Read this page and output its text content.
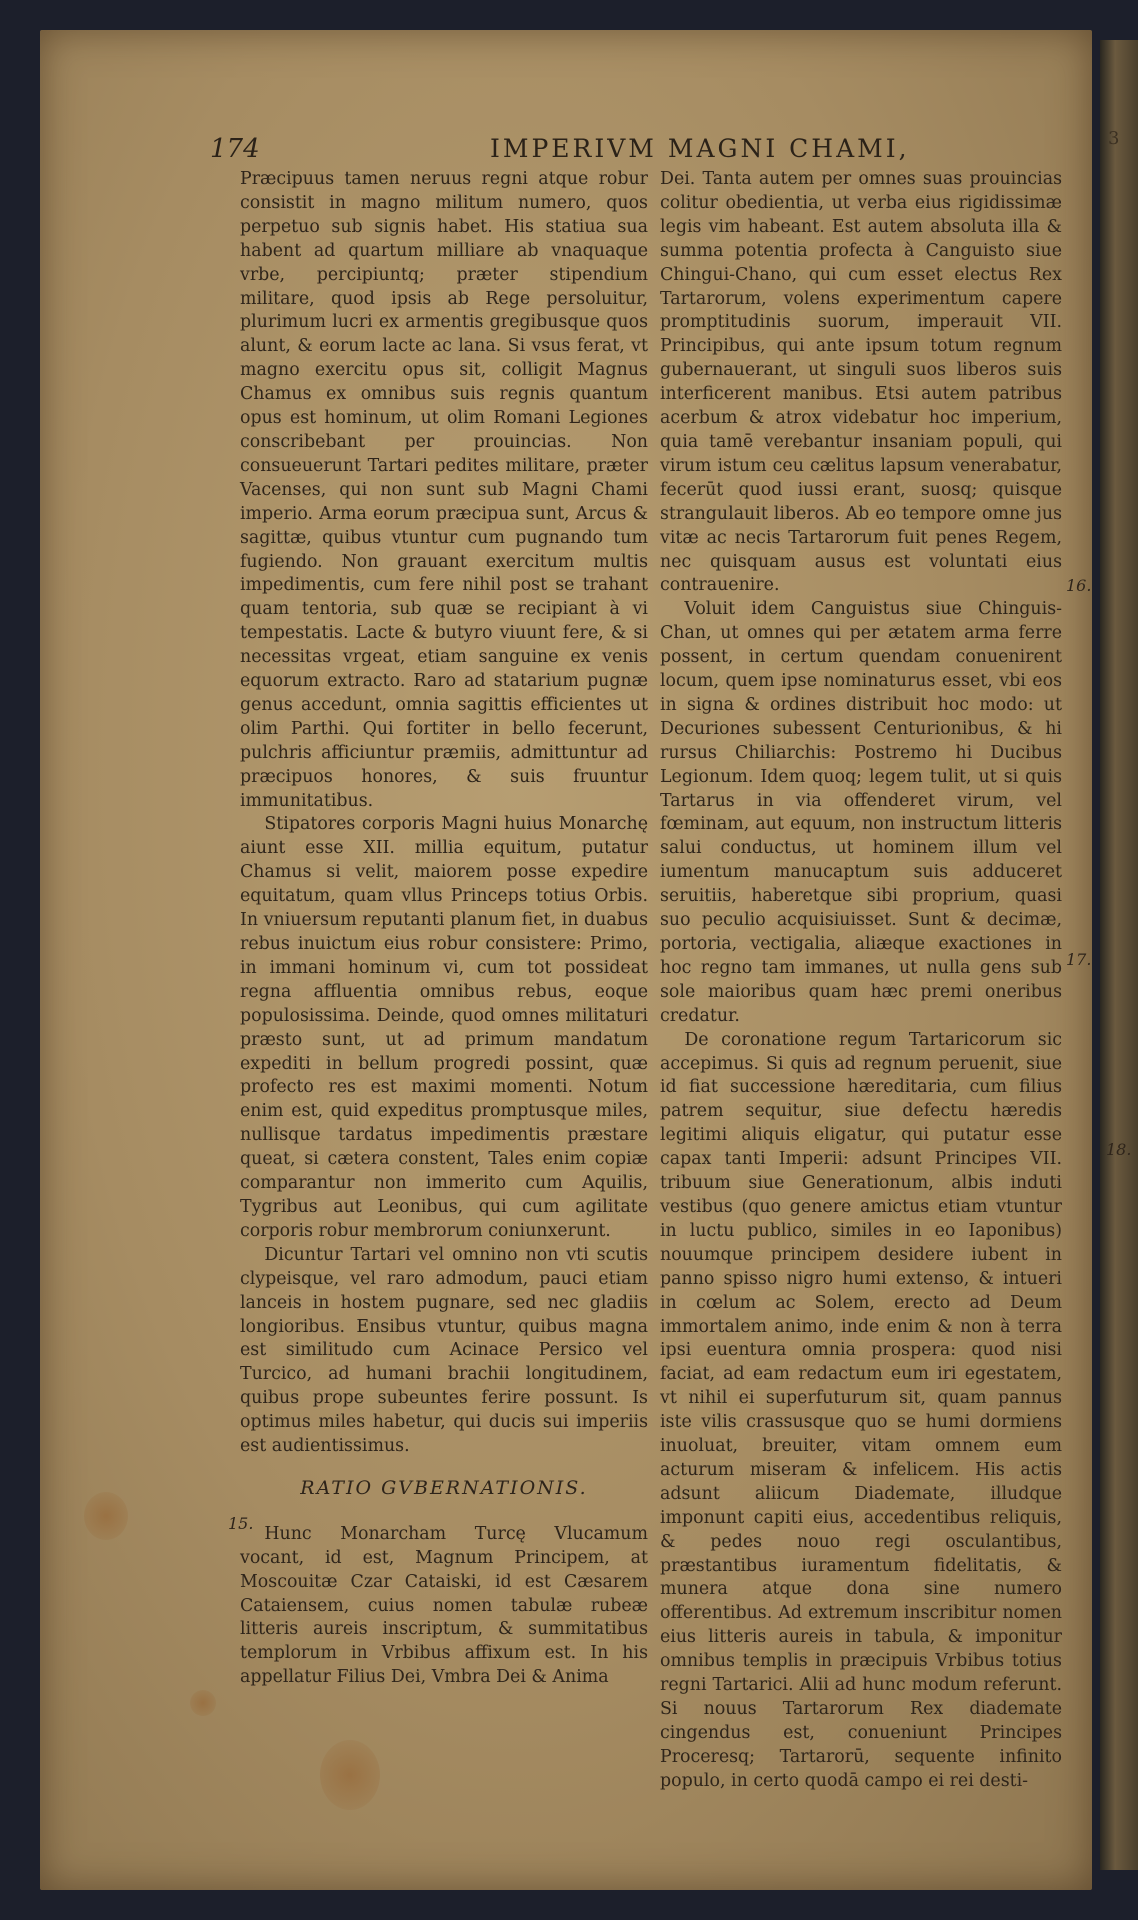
3
174	IMPERIVM MAGNI CHAMI,

Præcipuus tamen neruus regni atque robur consistit in magno militum numero, quos perpetuo sub signis habet. His statiua sua habent ad quartum milliare ab vnaquaque vrbe, percipiuntq; præter stipendium militare, quod ipsis ab Rege persoluitur, plurimum lucri ex armentis gregibusque quos alunt, & eorum lacte ac lana. Si vsus ferat, vt magno exercitu opus sit, colligit Magnus Chamus ex omnibus suis regnis quantum opus est hominum, ut olim Romani Legiones conscribebant per prouincias. Non consueuerunt Tartari pedites militare, præter Vacenses, qui non sunt sub Magni Chami imperio. Arma eorum præcipua sunt, Arcus & sagittæ, quibus vtuntur cum pugnando tum fugiendo. Non grauant exercitum multis impedimentis, cum fere nihil post se trahant quam tentoria, sub quæ se recipiant à vi tempestatis. Lacte & butyro viuunt fere, & si necessitas vrgeat, etiam sanguine ex venis equorum extracto. Raro ad statarium pugnæ genus accedunt, omnia sagittis efficientes ut olim Parthi. Qui fortiter in bello fecerunt, pulchris afficiuntur præmiis, admittuntur ad præcipuos honores, & suis fruuntur immunitatibus.

Stipatores corporis Magni huius Monarchę aiunt esse XII. millia equitum, putatur Chamus si velit, maiorem posse expedire equitatum, quam vllus Princeps totius Orbis. In vniuersum reputanti planum fiet, in duabus rebus inuictum eius robur consistere: Primo, in immani hominum vi, cum tot possideat regna affluentia omnibus rebus, eoque populosissima. Deinde, quod omnes militaturi præsto sunt, ut ad primum mandatum expediti in bellum progredi possint, quæ profecto res est maximi momenti. Notum enim est, quid expeditus promptusque miles, nullisque tardatus impedimentis præstare queat, si cætera constent, Tales enim copiæ comparantur non immerito cum Aquilis, Tygribus aut Leonibus, qui cum agilitate corporis robur membrorum coniunxerunt.

Dicuntur Tartari vel omnino non vti scutis clypeisque, vel raro admodum, pauci etiam lanceis in hostem pugnare, sed nec gladiis longioribus. Ensibus vtuntur, quibus magna est similitudo cum Acinace Persico vel Turcico, ad humani brachii longitudinem, quibus prope subeuntes ferire possunt. Is optimus miles habetur, qui ducis sui imperiis est audientissimus.

RATIO GVBERNATIONIS.

Hunc Monarcham Turcę Vlucamum vocant, id est, Magnum Principem, at Moscouitæ Czar Cataiski, id est Cæsarem Cataiensem, cuius nomen tabulæ rubeæ litteris aureis inscriptum, & summitatibus templorum in Vrbibus affixum est. In his appellatur Filius Dei, Vmbra Dei & Anima

Dei. Tanta autem per omnes suas prouincias colitur obedientia, ut verba eius rigidissimæ legis vim habeant. Est autem absoluta illa & summa potentia profecta à Canguisto siue Chingui-Chano, qui cum esset electus Rex Tartarorum, volens experimentum capere promptitudinis suorum, imperauit VII. Principibus, qui ante ipsum totum regnum gubernauerant, ut singuli suos liberos suis interficerent manibus. Etsi autem patribus acerbum & atrox videbatur hoc imperium, quia tamē verebantur insaniam populi, qui virum istum ceu cælitus lapsum venerabatur, fecerūt quod iussi erant, suosq; quisque strangulauit liberos. Ab eo tempore omne jus vitæ ac necis Tartarorum fuit penes Regem, nec quisquam ausus est voluntati eius contrauenire.

Voluit idem Canguistus siue Chinguis-Chan, ut omnes qui per ætatem arma ferre possent, in certum quendam conuenirent locum, quem ipse nominaturus esset, vbi eos in signa & ordines distribuit hoc modo: ut Decuriones subessent Centurionibus, & hi rursus Chiliarchis: Postremo hi Ducibus Legionum. Idem quoq; legem tulit, ut si quis Tartarus in via offenderet virum, vel fœminam, aut equum, non instructum litteris salui conductus, ut hominem illum vel iumentum manucaptum suis adduceret seruitiis, haberetque sibi proprium, quasi suo peculio acquisiuisset. Sunt & decimæ, portoria, vectigalia, aliæque exactiones in hoc regno tam immanes, ut nulla gens sub sole maioribus quam hæc premi oneribus credatur.

De coronatione regum Tartaricorum sic accepimus. Si quis ad regnum peruenit, siue id fiat successione hæreditaria, cum filius patrem sequitur, siue defectu hæredis legitimi aliquis eligatur, qui putatur esse capax tanti Imperii: adsunt Principes VII. tribuum siue Generationum, albis induti vestibus (quo genere amictus etiam vtuntur in luctu publico, similes in eo Iaponibus) nouumque principem desidere iubent in panno spisso nigro humi extenso, & intueri in cœlum ac Solem, erecto ad Deum immortalem animo, inde enim & non à terra ipsi euentura omnia prospera: quod nisi faciat, ad eam redactum eum iri egestatem, vt nihil ei superfuturum sit, quam pannus iste vilis crassusque quo se humi dormiens inuoluat, breuiter, vitam omnem eum acturum miseram & infelicem. His actis adsunt aliicum Diademate, illudque imponunt capiti eius, accedentibus reliquis, & pedes nouo regi osculantibus, præstantibus iuramentum fidelitatis, & munera atque dona sine numero offerentibus. Ad extremum inscribitur nomen eius litteris aureis in tabula, & imponitur omnibus templis in præcipuis Vrbibus totius regni Tartarici. Alii ad hunc modum referunt. Si nouus Tartarorum Rex diademate cingendus est, conueniunt Principes Proceresq; Tartarorū, sequente infinito populo, in certo quodā campo ei rei desti-

15.
16.
17.
18.
